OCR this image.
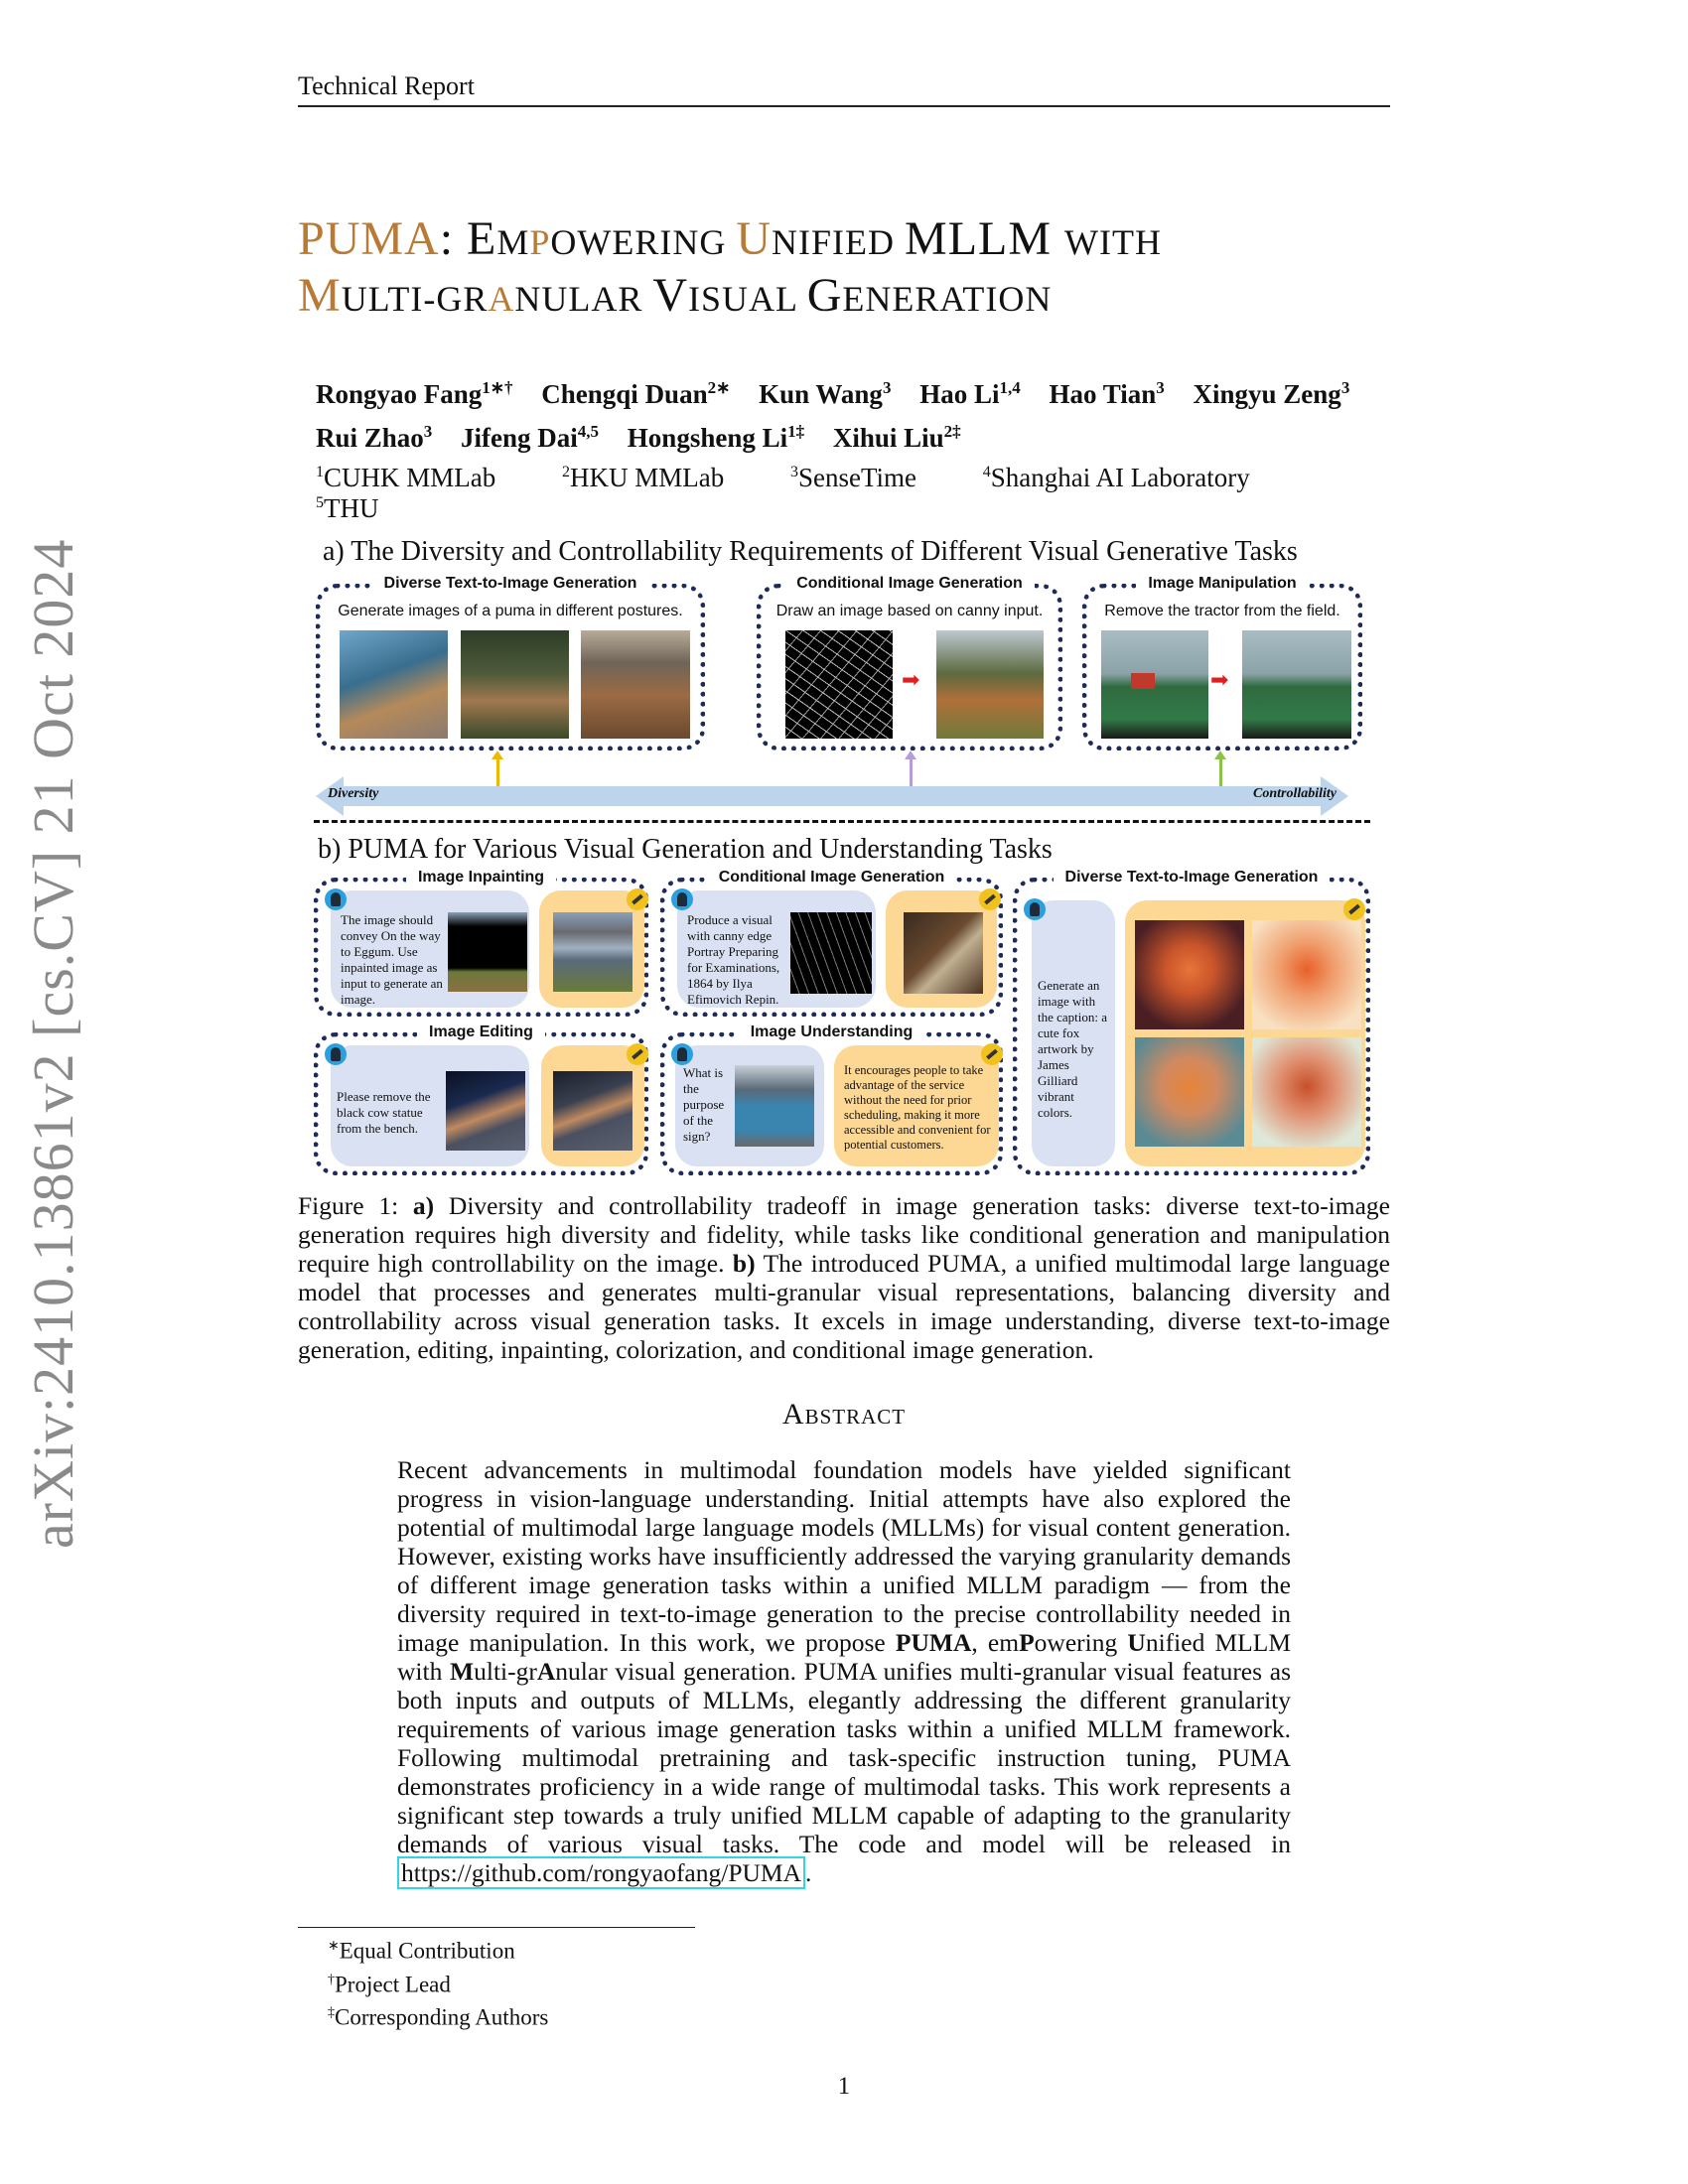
Technical Report
arXiv:2410.13861v2 [cs.CV] 21 Oct 2024
PUMA: EMPOWERING UNIFIED MLLM WITH
MULTI-GRANULAR VISUAL GENERATION
Rongyao Fang$^{1∗\dagger}$ Chengqi Duan$^{2∗}$ Kun Wang$^3$ Hao Li$^{1,4}$ Hao Tian$^3$ Xingyu Zeng$^3$
Rui Zhao$^3$ Jifeng Dai$^{4,5}$ Hongsheng $Li^{1\ddagger}$ Xihui Liu$^{2\ddagger}$
$^1$CUHK MMLab	$^2$HKU MMLab	$^3$SenseTime	$^4$Shanghai AI Laboratory $^5$THU
a) The Diversity and Controllability Requirements of Different Visual Generative Tasks
Diverse Text-to-Image Generation
Generate images of a puma in different postures.
Conditional Image Generation
Draw an image based on canny input.
➡
Image Manipulation
Remove the tractor from the field.
➡
Diversity	Controllability
b) PUMA for Various Visual Generation and Understanding Tasks
Image Inpainting
The image should convey On the way to Eggum. Use inpainted image as input to generate an image.
Conditional Image Generation
Produce a visual with canny edge Portray Preparing for Examinations, 1864 by Ilya Efimovich Repin.
Diverse Text-to-Image Generation
Generate an image with the caption: a cute fox artwork by James Gilliard vibrant colors.
Image Editing
Please remove the black cow statue from the bench.
Image Understanding
What is the purpose of the sign?
It encourages people to take advantage of the service without the need for prior scheduling, making it more accessible and convenient for potential customers.
Figure 1: a) Diversity and controllability tradeoff in image generation tasks: diverse text-to-image generation requires high diversity and fidelity, while tasks like conditional generation and manipulation require high controllability on the image. b) The introduced PUMA, a unified multimodal large language model that processes and generates multi-granular visual representations, balancing diversity and controllability across visual generation tasks. It excels in image understanding, diverse text-to-image generation, editing, inpainting, colorization, and conditional image generation.
Abstract
Recent advancements in multimodal foundation models have yielded significant progress in vision-language understanding. Initial attempts have also explored the potential of multimodal large language models (MLLMs) for visual content generation. However, existing works have insufficiently addressed the varying granularity demands of different image generation tasks within a unified MLLM paradigm — from the diversity required in text-to-image generation to the precise controllability needed in image manipulation. In this work, we propose PUMA, emPowering Unified MLLM with Multi-grAnular visual generation. PUMA unifies multi-granular visual features as both inputs and outputs of MLLMs, elegantly addressing the different granularity requirements of various image generation tasks within a unified MLLM framework. Following multimodal pretraining and task-specific instruction tuning, PUMA demonstrates proficiency in a wide range of multimodal tasks. This work represents a significant step towards a truly unified MLLM capable of adapting to the granularity demands of various visual tasks. The code and model will be released in https://github.com/rongyaofang/PUMA .
∗Equal Contribution
†Project Lead
‡Corresponding Authors
1
